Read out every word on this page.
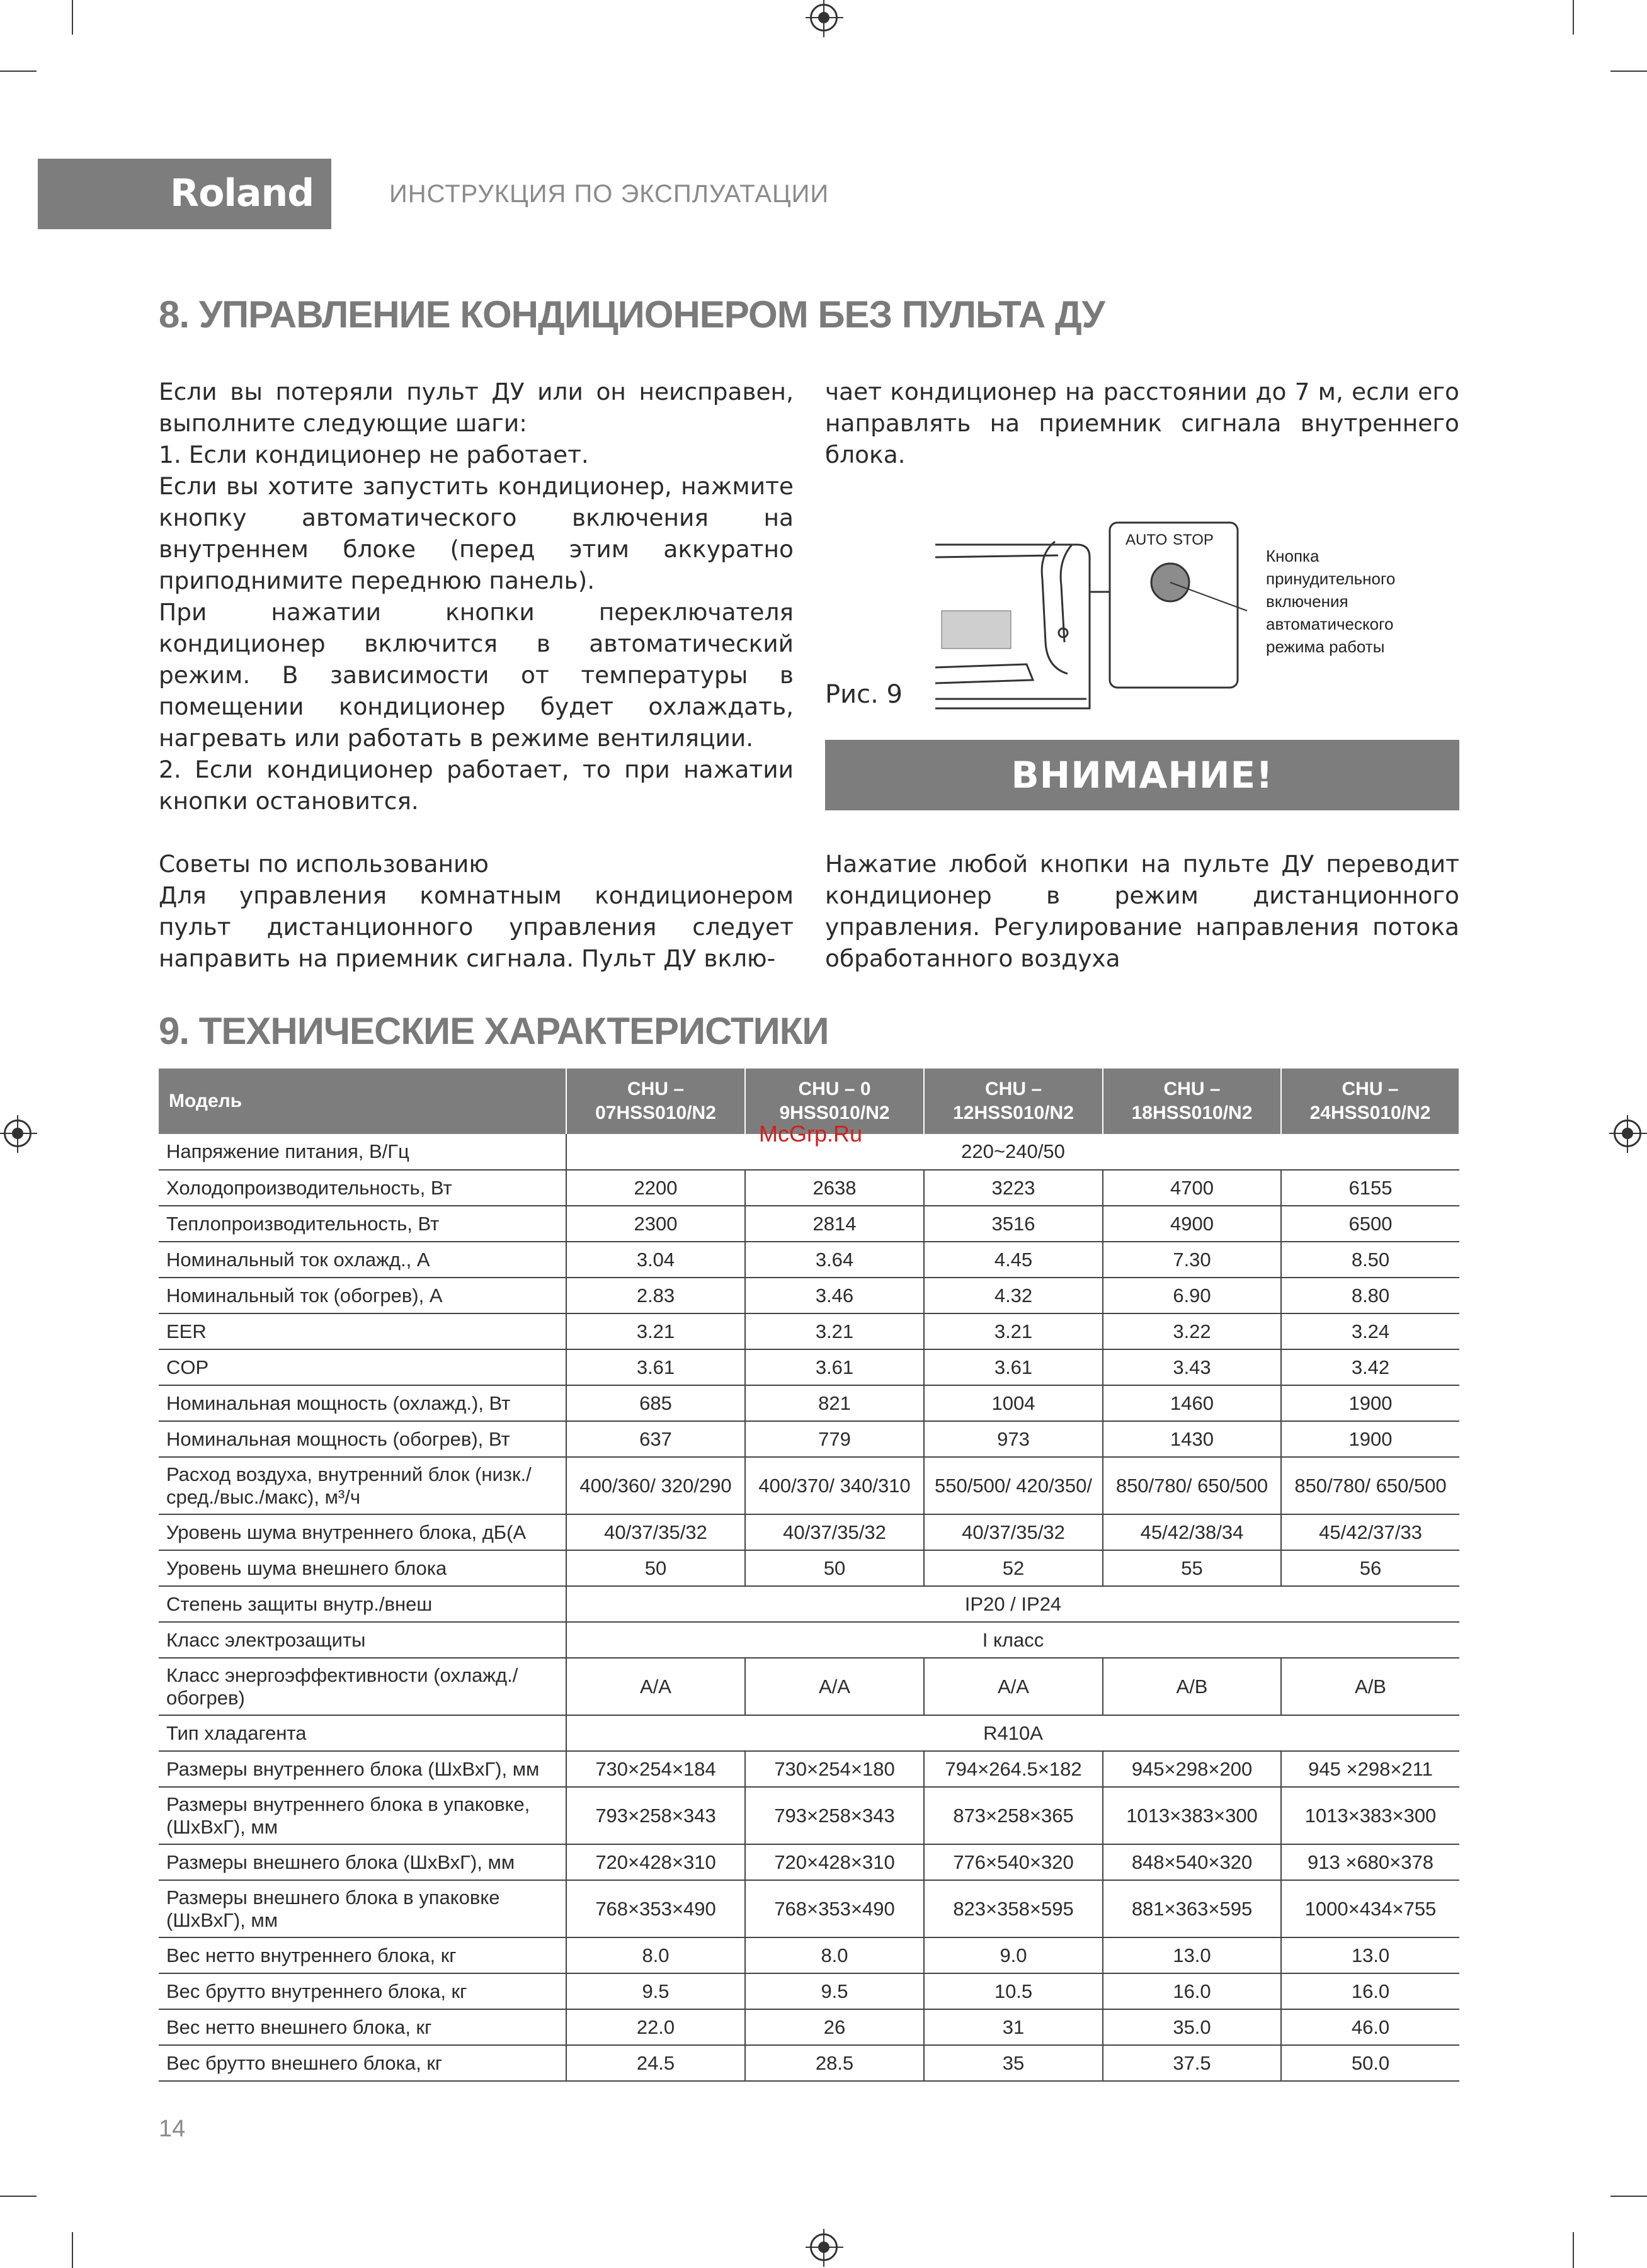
Roland	ИНСТРУКЦИЯ ПО ЭКСПЛУАТАЦИИ
8. УПРАВЛЕНИЕ КОНДИЦИОНЕРОМ БЕЗ ПУЛЬТА ДУ

Если вы потеряли пульт ДУ или он неисправен, выполните следующие шаги:

1. Если кондиционер не работает.

Если вы хотите запустить кондиционер, нажмите кнопку автоматического включения на внутреннем блоке (перед этим аккуратно приподнимите переднюю панель).

При нажатии кнопки переключателя кондиционер включится в автоматический режим. В зависимости от температуры в помещении кондиционер будет охлаждать, нагревать или работать в режиме вентиляции.

2. Если кондиционер работает, то при нажатии кнопки остановится.

Советы по использованию

Для управления комнатным кондиционером пульт дистанционного управления следует направить на приемник сигнала. Пульт ДУ вклю-

чает кондиционер на расстоянии до 7 м, если его направлять на приемник сигнала внутреннего блока.

Рис. 9
AUTO STOP
Кнопка
принудительного
включения
автоматического
режима работы
ВНИМАНИЕ!

Нажатие любой кнопки на пульте ДУ переводит кондиционер в режим дистанционного управления. Регулирование направления потока обработанного воздуха

9. ТЕХНИЧЕСКИЕ ХАРАКТЕРИСТИКИ
Модель	CHU – 07HSS010/N2	CHU – 0 9HSS010/N2	CHU – 12HSS010/N2	CHU – 18HSS010/N2	CHU – 24HSS010/N2
Напряжение питания, В/Гц	220~240/50				
Холодопроизводительность, Вт	2200	2638	3223	4700	6155
Теплопроизводительность, Вт	2300	2814	3516	4900	6500
Номинальный ток охлажд., А	3.04	3.64	4.45	7.30	8.50
Номинальный ток (обогрев), А	2.83	3.46	4.32	6.90	8.80
EER	3.21	3.21	3.21	3.22	3.24
COP	3.61	3.61	3.61	3.43	3.42
Номинальная мощность (охлажд.), Вт	685	821	1004	1460	1900
Номинальная мощность (обогрев), Вт	637	779	973	1430	1900
Расход воздуха, внутренний блок (низк./ сред./выс./макс), м³/ч	400/360/ 320/290	400/370/ 340/310	550/500/ 420/350/	850/780/ 650/500	850/780/ 650/500
Уровень шума внутреннего блока, дБ(А	40/37/35/32	40/37/35/32	40/37/35/32	45/42/38/34	45/42/37/33
Уровень шума внешнего блока	50	50	52	55	56
Степень защиты внутр./внеш	IP20 / IP24				
Класс электрозащиты	I класс				
Класс энергоэффективности (охлажд./обогрев)	A/A	A/A	A/A	A/B	A/B
Тип хладагента	R410A				
Размеры внутреннего блока (ШхВхГ), мм	730×254×184	730×254×180	794×264.5×182	945×298×200	945 ×298×211
Размеры внутреннего блока в упаковке, (ШхВхГ), мм	793×258×343	793×258×343	873×258×365	1013×383×300	1013×383×300
Размеры внешнего блока (ШхВхГ), мм	720×428×310	720×428×310	776×540×320	848×540×320	913 ×680×378
Размеры внешнего блока в упаковке (ШхВхГ), мм	768×353×490	768×353×490	823×358×595	881×363×595	1000×434×755
Вес нетто внутреннего блока, кг	8.0	8.0	9.0	13.0	13.0
Вес брутто внутреннего блока, кг	9.5	9.5	10.5	16.0	16.0
Вес нетто внешнего блока, кг	22.0	26	31	35.0	46.0
Вес брутто внешнего блока, кг	24.5	28.5	35	37.5	50.0
McGrp.Ru
14
